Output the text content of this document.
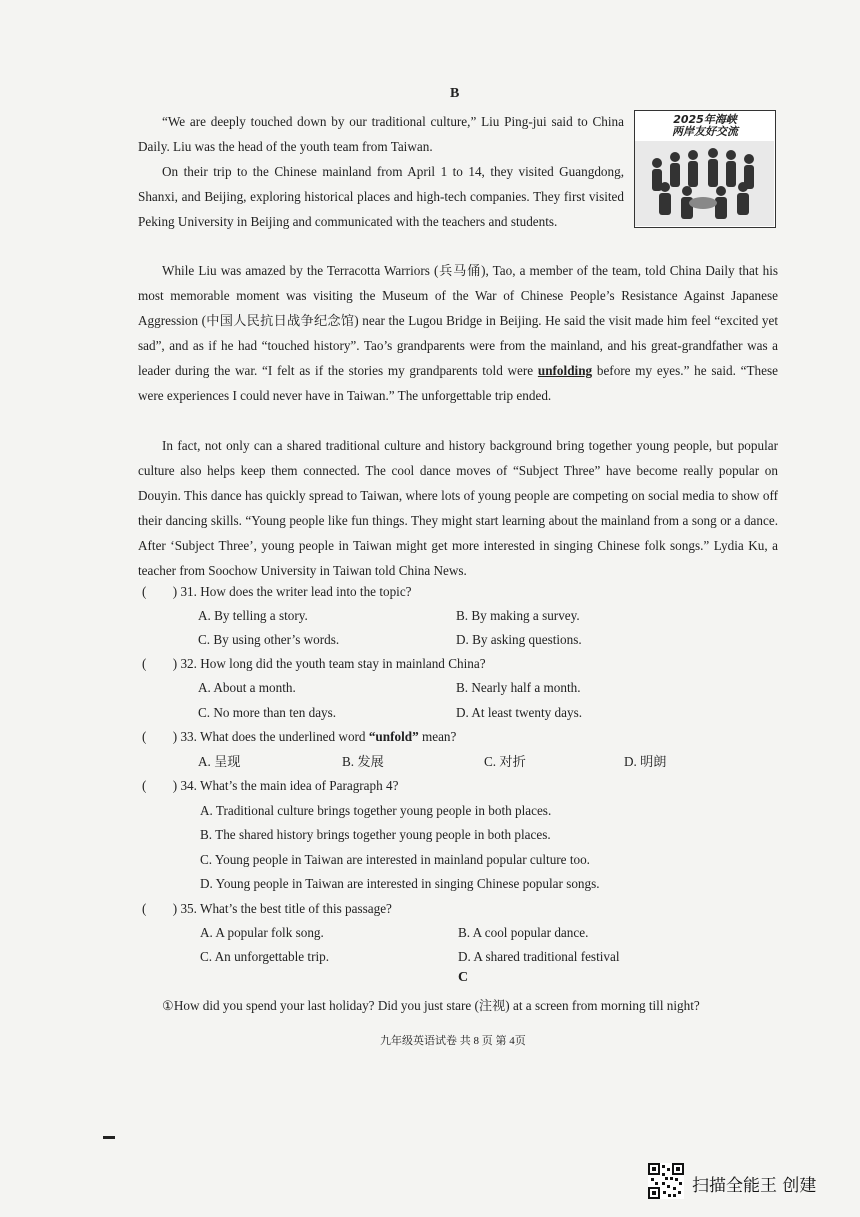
B
2025年海峡
两岸友好交流

“We are deeply touched down by our traditional culture,” Liu Ping-jui said to China Daily. Liu was the head of the youth team from Taiwan.

On their trip to the Chinese mainland from April 1 to 14, they visited Guangdong, Shanxi, and Beijing, exploring historical places and high-tech companies. They first visited Peking University in Beijing and communicated with the teachers and students.

While Liu was amazed by the Terracotta Warriors (兵马俑), Tao, a member of the team, told China Daily that his most memorable moment was visiting the Museum of the War of Chinese People’s Resistance Against Japanese Aggression (中国人民抗日战争纪念馆) near the Lugou Bridge in Beijing. He said the visit made him feel “excited yet sad”, and as if he had “touched history”. Tao’s grandparents were from the mainland, and his great-grandfather was a leader during the war. “I felt as if the stories my grandparents told were unfolding before my eyes.” he said. “These were experiences I could never have in Taiwan.” The unforgettable trip ended.

In fact, not only can a shared traditional culture and history background bring together young people, but popular culture also helps keep them connected. The cool dance moves of “Subject Three” have become really popular on Douyin. This dance has quickly spread to Taiwan, where lots of young people are competing on social media to show off their dancing skills. “Young people like fun things. They might start learning about the mainland from a song or a dance. After ‘Subject Three’, young people in Taiwan might get more interested in singing Chinese folk songs.” Lydia Ku, a teacher from Soochow University in Taiwan told China News.

(　　) 31. How does the writer lead into the topic?
A. By telling a story.	B. By making a survey.
C. By using other’s words.	D. By asking questions.
(　　) 32. How long did the youth team stay in mainland China?
A. About a month.	B. Nearly half a month.
C. No more than ten days.	D. At least twenty days.
(　　) 33. What does the underlined word “unfold” mean?
A. 呈现	B. 发展	C. 对折	D. 明朗
(　　) 34. What’s the main idea of Paragraph 4?
A. Traditional culture brings together young people in both places.
B. The shared history brings together young people in both places.
C. Young people in Taiwan are interested in mainland popular culture too.
D. Young people in Taiwan are interested in singing Chinese popular songs.
(　　) 35. What’s the best title of this passage?
A. A popular folk song.	B. A cool popular dance.
C. An unforgettable trip.	D. A shared traditional festival
C
①How did you spend your last holiday? Did you just stare (注视) at a screen from morning till night?
九年级英语试卷 共 8 页 第 4页
扫描全能王 创建
